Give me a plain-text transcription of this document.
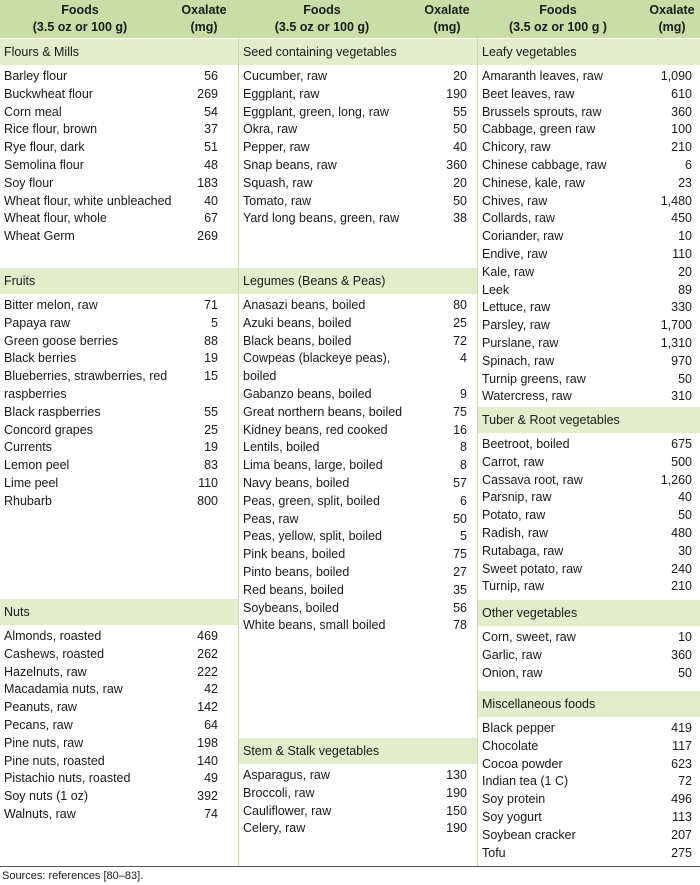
Foods
(3.5 oz or 100 g)
Oxalate
(mg)
Flours & Mills
Barley flour	56
Buckwheat flour	269
Corn meal	54
Rice flour, brown	37
Rye flour, dark	51
Semolina flour	48
Soy flour	183
Wheat flour, white unbleached	40
Wheat flour, whole	67
Wheat Germ	269
Fruits
Bitter melon, raw	71
Papaya raw	5
Green goose berries	88
Black berries	19
Blueberries, strawberries, red raspberries
15
Black raspberries	55
Concord grapes	25
Currents	19
Lemon peel	83
Lime peel	110
Rhubarb	800
Nuts
Almonds, roasted	469
Cashews, roasted	262
Hazelnuts, raw	222
Macadamia nuts, raw	42
Peanuts, raw	142
Pecans, raw	64
Pine nuts, raw	198
Pine nuts, roasted	140
Pistachio nuts, roasted	49
Soy nuts (1 oz)	392
Walnuts, raw	74
Foods
(3.5 oz or 100 g)
Oxalate
(mg)
Seed containing vegetables
Cucumber, raw	20
Eggplant, raw	190
Eggplant, green, long, raw	55
Okra, raw	50
Pepper, raw	40
Snap beans, raw	360
Squash, raw	20
Tomato, raw	50
Yard long beans, green, raw	38
Legumes (Beans & Peas)
Anasazi beans, boiled	80
Azuki beans, boiled	25
Black beans, boiled	72
Cowpeas (blackeye peas), boiled
4
Gabanzo beans, boiled	9
Great northern beans, boiled	75
Kidney beans, red cooked	16
Lentils, boiled	8
Lima beans, large, boiled	8
Navy beans, boiled	57
Peas, green, split, boiled	6
Peas, raw	50
Peas, yellow, split, boiled	5
Pink beans, boiled	75
Pinto beans, boiled	27
Red beans, boiled	35
Soybeans, boiled	56
White beans, small boiled	78
Stem & Stalk vegetables
Asparagus, raw	130
Broccoli, raw	190
Cauliflower, raw	150
Celery, raw	190
Foods
(3.5 oz or 100 g )
Oxalate
(mg)
Leafy vegetables
Amaranth leaves, raw	1,090
Beet leaves, raw	610
Brussels sprouts, raw	360
Cabbage, green raw	100
Chicory, raw	210
Chinese cabbage, raw	6
Chinese, kale, raw	23
Chives, raw	1,480
Collards, raw	450
Coriander, raw	10
Endive, raw	110
Kale, raw	20
Leek	89
Lettuce, raw	330
Parsley, raw	1,700
Purslane, raw	1,310
Spinach, raw	970
Turnip greens, raw	50
Watercress, raw	310
Tuber & Root vegetables
Beetroot, boiled	675
Carrot, raw	500
Cassava root, raw	1,260
Parsnip, raw	40
Potato, raw	50
Radish, raw	480
Rutabaga, raw	30
Sweet potato, raw	240
Turnip, raw	210
Other vegetables
Corn, sweet, raw	10
Garlic, raw	360
Onion, raw	50
Miscellaneous foods
Black pepper	419
Chocolate	117
Cocoa powder	623
Indian tea (1 C)	72
Soy protein	496
Soy yogurt	113
Soybean cracker	207
Tofu	275
Sources: references [80–83].
